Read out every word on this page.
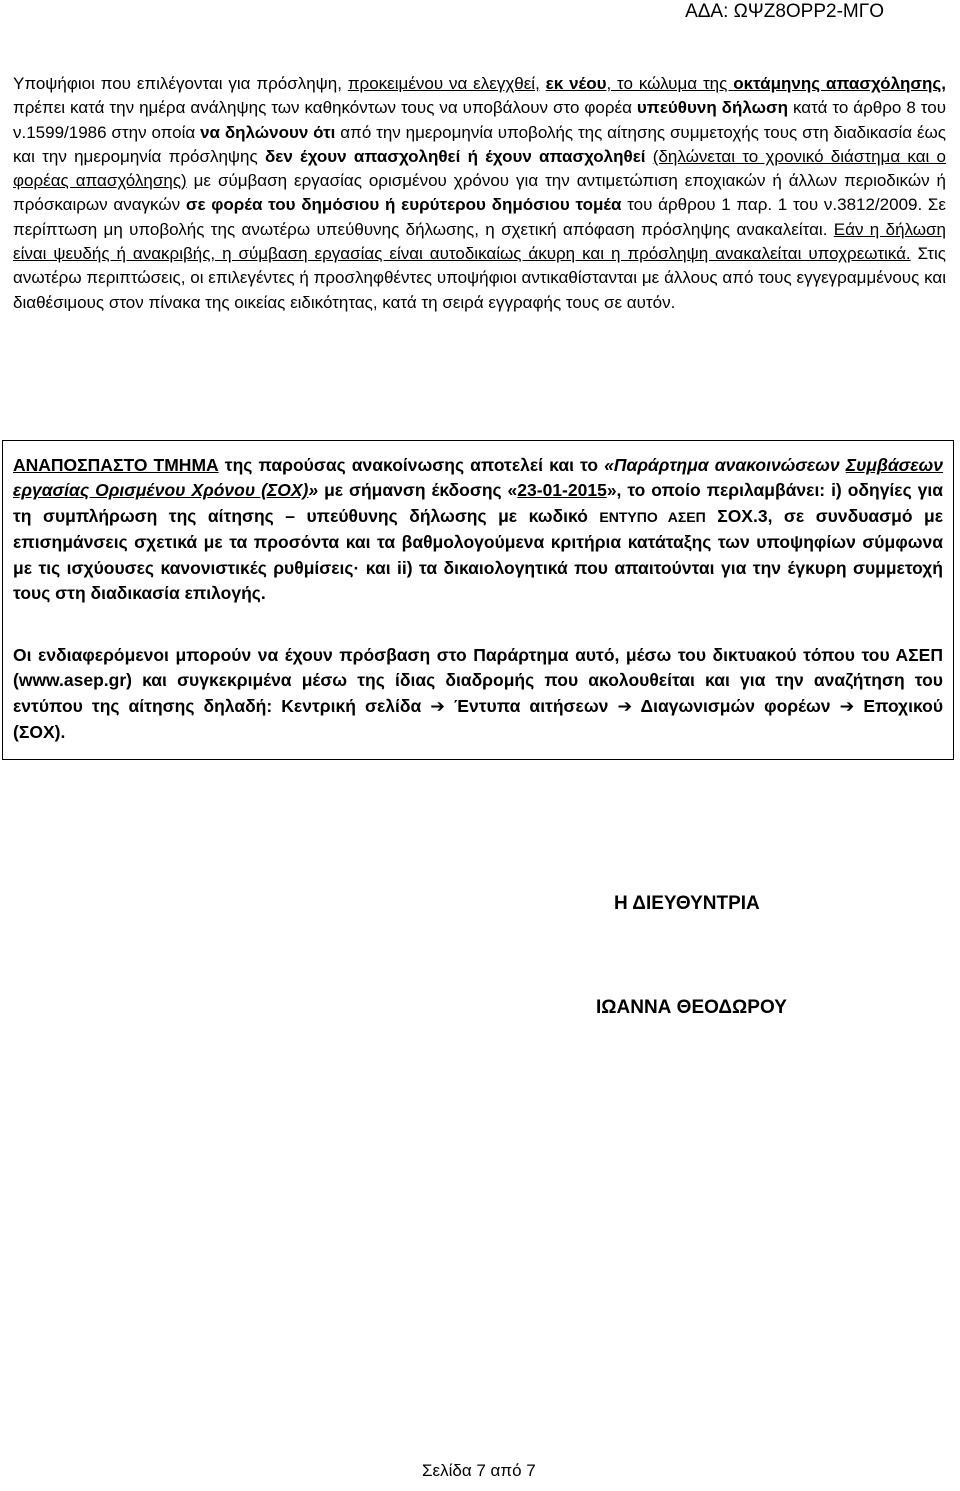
ΑΔΑ: ΩΨΖ8ΟΡΡ2-ΜΓΟ

Υποψήφιοι που επιλέγονται για πρόσληψη, προκειμένου να ελεγχθεί, εκ νέου, το κώλυμα της οκτάμηνης απασχόλησης, πρέπει κατά την ημέρα ανάληψης των καθηκόντων τους να υποβάλουν στο φορέα υπεύθυνη δήλωση κατά το άρθρο 8 του ν.1599/1986 στην οποία να δηλώνουν ότι από την ημερομηνία υποβολής της αίτησης συμμετοχής τους στη διαδικασία έως και την ημερομηνία πρόσληψης δεν έχουν απασχοληθεί ή έχουν απασχοληθεί (δηλώνεται το χρονικό διάστημα και ο φορέας απασχόλησης) με σύμβαση εργασίας ορισμένου χρόνου για την αντιμετώπιση εποχιακών ή άλλων περιοδικών ή πρόσκαιρων αναγκών σε φορέα του δημόσιου ή ευρύτερου δημόσιου τομέα του άρθρου 1 παρ. 1 του ν.3812/2009. Σε περίπτωση μη υποβολής της ανωτέρω υπεύθυνης δήλωσης, η σχετική απόφαση πρόσληψης ανακαλείται. Εάν η δήλωση είναι ψευδής ή ανακριβής, η σύμβαση εργασίας είναι αυτοδικαίως άκυρη και η πρόσληψη ανακαλείται υποχρεωτικά. Στις ανωτέρω περιπτώσεις, οι επιλεγέντες ή προσληφθέντες υποψήφιοι αντικαθίστανται με άλλους από τους εγγεγραμμένους και διαθέσιμους στον πίνακα της οικείας ειδικότητας, κατά τη σειρά εγγραφής τους σε αυτόν.

ΑΝΑΠΟΣΠΑΣΤΟ ΤΜΗΜΑ της παρούσας ανακοίνωσης αποτελεί και το «Παράρτημα ανακοινώσεων Συμβάσεων εργασίας Ορισμένου Χρόνου (ΣΟΧ)» με σήμανση έκδοσης «23-01-2015», το οποίο περιλαμβάνει: i) οδηγίες για τη συμπλήρωση της αίτησης – υπεύθυνης δήλωσης με κωδικό ΕΝΤΥΠΟ ΑΣΕΠ ΣΟΧ.3, σε συνδυασμό με επισημάνσεις σχετικά με τα προσόντα και τα βαθμολογούμενα κριτήρια κατάταξης των υποψηφίων σύμφωνα με τις ισχύουσες κανονιστικές ρυθμίσεις· και ii) τα δικαιολογητικά που απαιτούνται για την έγκυρη συμμετοχή τους στη διαδικασία επιλογής.

Οι ενδιαφερόμενοι μπορούν να έχουν πρόσβαση στο Παράρτημα αυτό, μέσω του δικτυακού τόπου του ΑΣΕΠ (www.asep.gr) και συγκεκριμένα μέσω της ίδιας διαδρομής που ακολουθείται και για την αναζήτηση του εντύπου της αίτησης δηλαδή: Κεντρική σελίδα ➔ Έντυπα αιτήσεων ➔ Διαγωνισμών φορέων ➔ Εποχικού (ΣΟΧ).

Η ΔΙΕΥΘΥΝΤΡΙΑ
ΙΩΑΝΝΑ ΘΕΟΔΩΡΟΥ
Σελίδα 7 από 7
